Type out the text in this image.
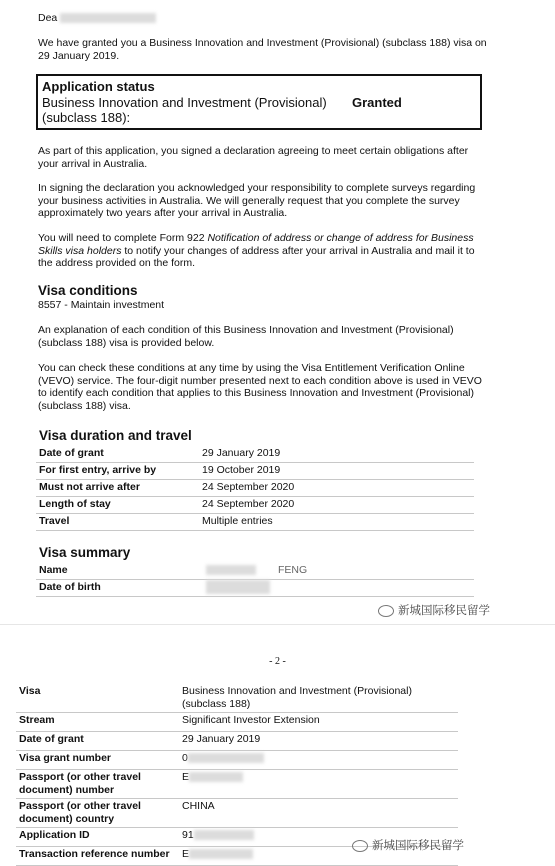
Dea

We have granted you a Business Innovation and Investment (Provisional) (subclass 188) visa on 29 January 2019.

Application status
Business Innovation and Investment (Provisional) (subclass 188):
Granted

As part of this application, you signed a declaration agreeing to meet certain obligations after your arrival in Australia.

In signing the declaration you acknowledged your responsibility to complete surveys regarding your business activities in Australia. We will generally request that you complete the survey approximately two years after your arrival in Australia.

You will need to complete Form 922 Notification of address or change of address for Business Skills visa holders to notify your changes of address after your arrival in Australia and mail it to the address provided on the form.

Visa conditions
8557 - Maintain investment

An explanation of each condition of this Business Innovation and Investment (Provisional) (subclass 188) visa is provided below.

You can check these conditions at any time by using the Visa Entitlement Verification Online (VEVO) service. The four-digit number presented next to each condition above is used in VEVO to identify each condition that applies to this Business Innovation and Investment (Provisional) (subclass 188) visa.

Visa duration and travel
Date of grant	29 January 2019
For first entry, arrive by	19 October 2019
Must not arrive after	24 September 2020
Length of stay	24 September 2020
Travel	Multiple entries
Visa summary
Name	FENG
Date of birth	
新城国际移民留学
- 2 -
Visa	Business Innovation and Investment (Provisional) (subclass 188)
Stream	Significant Investor Extension
Date of grant	29 January 2019
Visa grant number	0
Passport (or other travel document) number	E
Passport (or other travel document) country	CHINA
Application ID	91
Transaction reference number	E
新城国际移民留学
